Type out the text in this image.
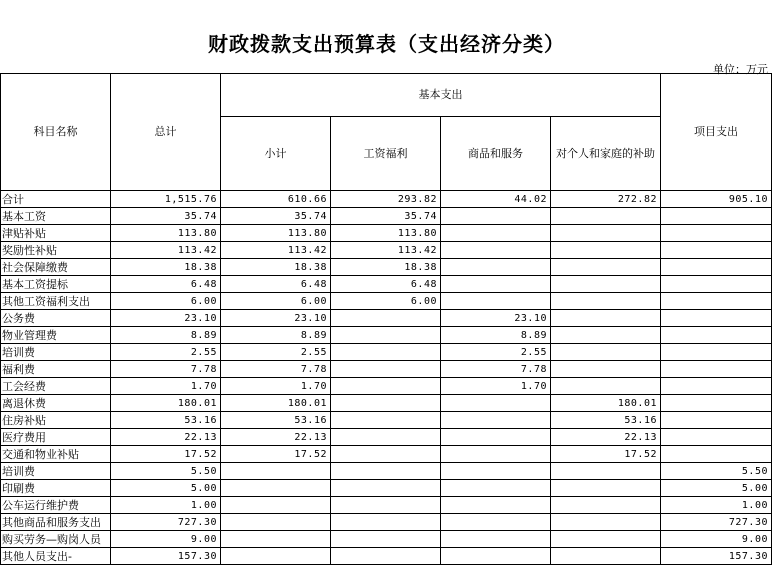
财政拨款支出预算表（支出经济分类）
单位：万元
科目名称	总计	基本支出				项目支出
		小计	工资福利	商品和服务	对个人和家庭的补助	
合计	1,515.76	610.66	293.82	44.02	272.82	905.10
基本工资	35.74	35.74	35.74			
津贴补贴	113.80	113.80	113.80			
奖励性补贴	113.42	113.42	113.42			
社会保障缴费	18.38	18.38	18.38			
基本工资提标	6.48	6.48	6.48			
其他工资福利支出	6.00	6.00	6.00			
公务费	23.10	23.10		23.10		
物业管理费	8.89	8.89		8.89		
培训费	2.55	2.55		2.55		
福利费	7.78	7.78		7.78		
工会经费	1.70	1.70		1.70		
离退休费	180.01	180.01			180.01	
住房补贴	53.16	53.16			53.16	
医疗费用	22.13	22.13			22.13	
交通和物业补贴	17.52	17.52			17.52	
培训费	5.50					5.50
印刷费	5.00					5.00
公车运行维护费	1.00					1.00
其他商品和服务支出	727.30					727.30
购买劳务—购岗人员	9.00					9.00
其他人员支出-	157.30					157.30
